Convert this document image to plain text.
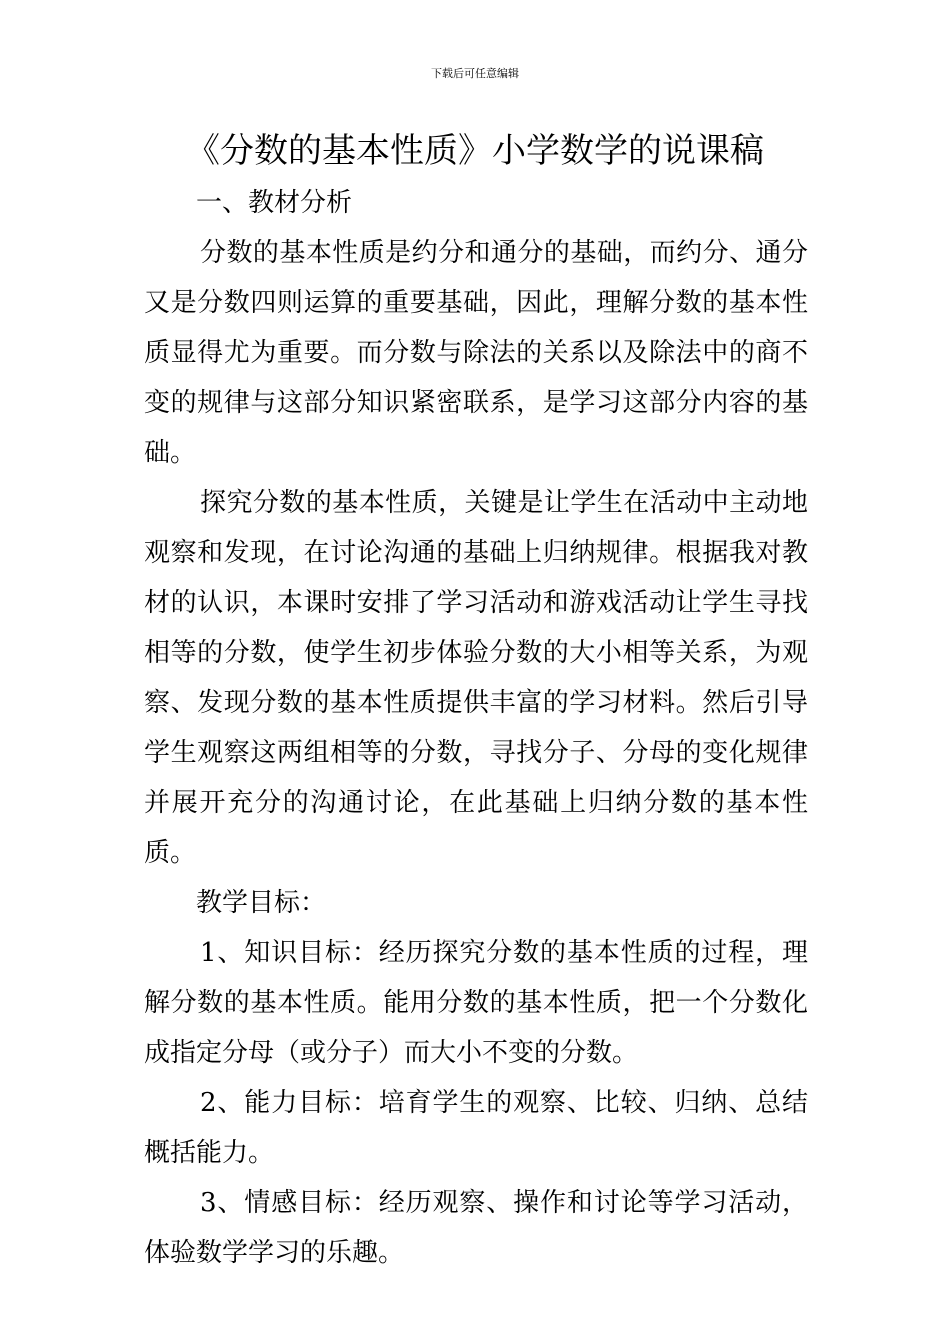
下载后可任意编辑
《分数的基本性质》小学数学的说课稿

一、教材分析

分数的基本性质是约分和通分的基础，而约分、通分又是分数四则运算的重要基础，因此，理解分数的基本性质显得尤为重要。而分数与除法的关系以及除法中的商不变的规律与这部分知识紧密联系，是学习这部分内容的基础。

探究分数的基本性质，关键是让学生在活动中主动地观察和发现，在讨论沟通的基础上归纳规律。根据我对教材的认识，本课时安排了学习活动和游戏活动让学生寻找相等的分数，使学生初步体验分数的大小相等关系，为观察、发现分数的基本性质提供丰富的学习材料。然后引导学生观察这两组相等的分数，寻找分子、分母的变化规律并展开充分的沟通讨论，在此基础上归纳分数的基本性质。

教学目标：

1、知识目标：经历探究分数的基本性质的过程，理解分数的基本性质。能用分数的基本性质，把一个分数化成指定分母（或分子）而大小不变的分数。

2、能力目标：培育学生的观察、比较、归纳、总结概括能力。

3、情感目标：经历观察、操作和讨论等学习活动，体验数学学习的乐趣。
